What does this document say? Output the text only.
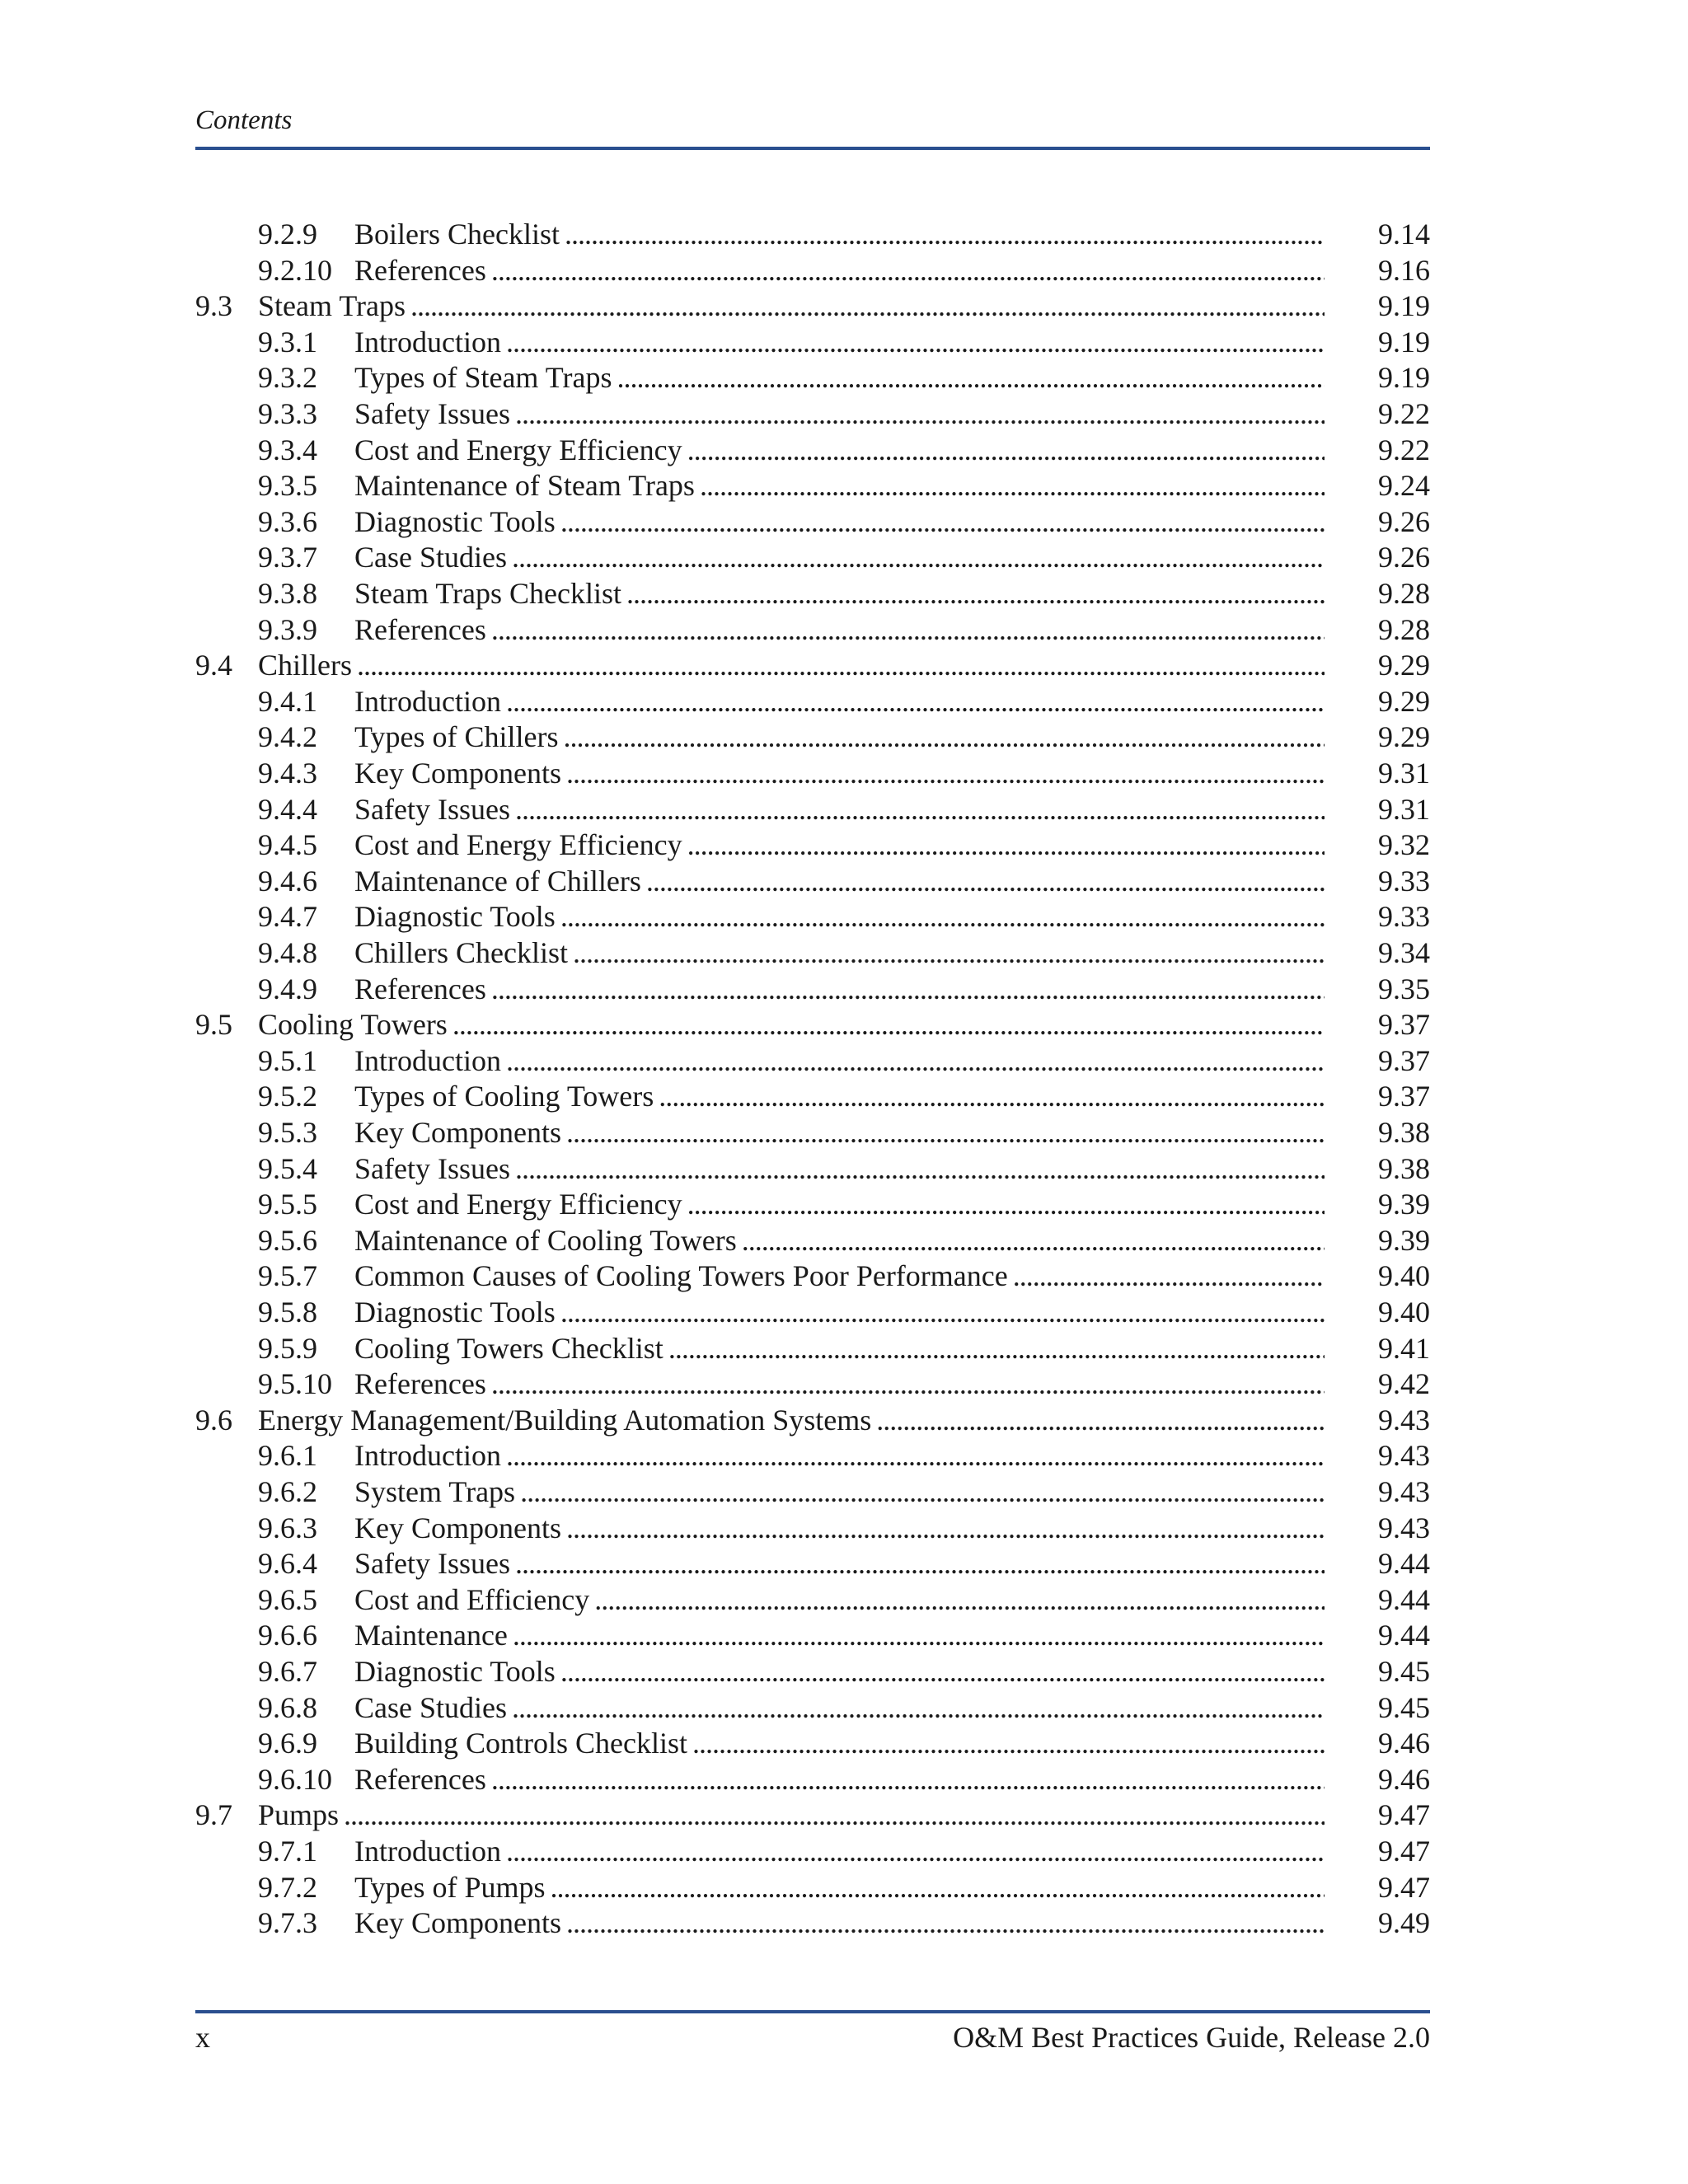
Contents
9.2.9 Boilers Checklist . . .	9.14
9.2.10 References . . .	9.16
9.3 Steam Traps . . .	9.19
9.3.1 Introduction . . .	9.19
9.3.2 Types of Steam Traps . . .	9.19
9.3.3 Safety Issues . . .	9.22
9.3.4 Cost and Energy Efficiency . . .	9.22
9.3.5 Maintenance of Steam Traps . . .	9.24
9.3.6 Diagnostic Tools . . .	9.26
9.3.7 Case Studies . . .	9.26
9.3.8 Steam Traps Checklist . . .	9.28
9.3.9 References . . .	9.28
9.4 Chillers . . .	9.29
9.4.1 Introduction . . .	9.29
9.4.2 Types of Chillers . . .	9.29
9.4.3 Key Components . . .	9.31
9.4.4 Safety Issues . . .	9.31
9.4.5 Cost and Energy Efficiency . . .	9.32
9.4.6 Maintenance of Chillers . . .	9.33
9.4.7 Diagnostic Tools . . .	9.33
9.4.8 Chillers Checklist . . .	9.34
9.4.9 References . . .	9.35
9.5 Cooling Towers . . .	9.37
9.5.1 Introduction . . .	9.37
9.5.2 Types of Cooling Towers . . .	9.37
9.5.3 Key Components . . .	9.38
9.5.4 Safety Issues . . .	9.38
9.5.5 Cost and Energy Efficiency . . .	9.39
9.5.6 Maintenance of Cooling Towers . . .	9.39
9.5.7 Common Causes of Cooling Towers Poor Performance . . .	9.40
9.5.8 Diagnostic Tools . . .	9.40
9.5.9 Cooling Towers Checklist . . .	9.41
9.5.10 References . . .	9.42
9.6 Energy Management/Building Automation Systems . . .	9.43
9.6.1 Introduction . . .	9.43
9.6.2 System Traps . . .	9.43
9.6.3 Key Components . . .	9.43
9.6.4 Safety Issues . . .	9.44
9.6.5 Cost and Efficiency . . .	9.44
9.6.6 Maintenance . . .	9.44
9.6.7 Diagnostic Tools . . .	9.45
9.6.8 Case Studies . . .	9.45
9.6.9 Building Controls Checklist . . .	9.46
9.6.10 References . . .	9.46
9.7 Pumps . . .	9.47
9.7.1 Introduction . . .	9.47
9.7.2 Types of Pumps . . .	9.47
9.7.3 Key Components . . .	9.49
x	O&M Best Practices Guide, Release 2.0
